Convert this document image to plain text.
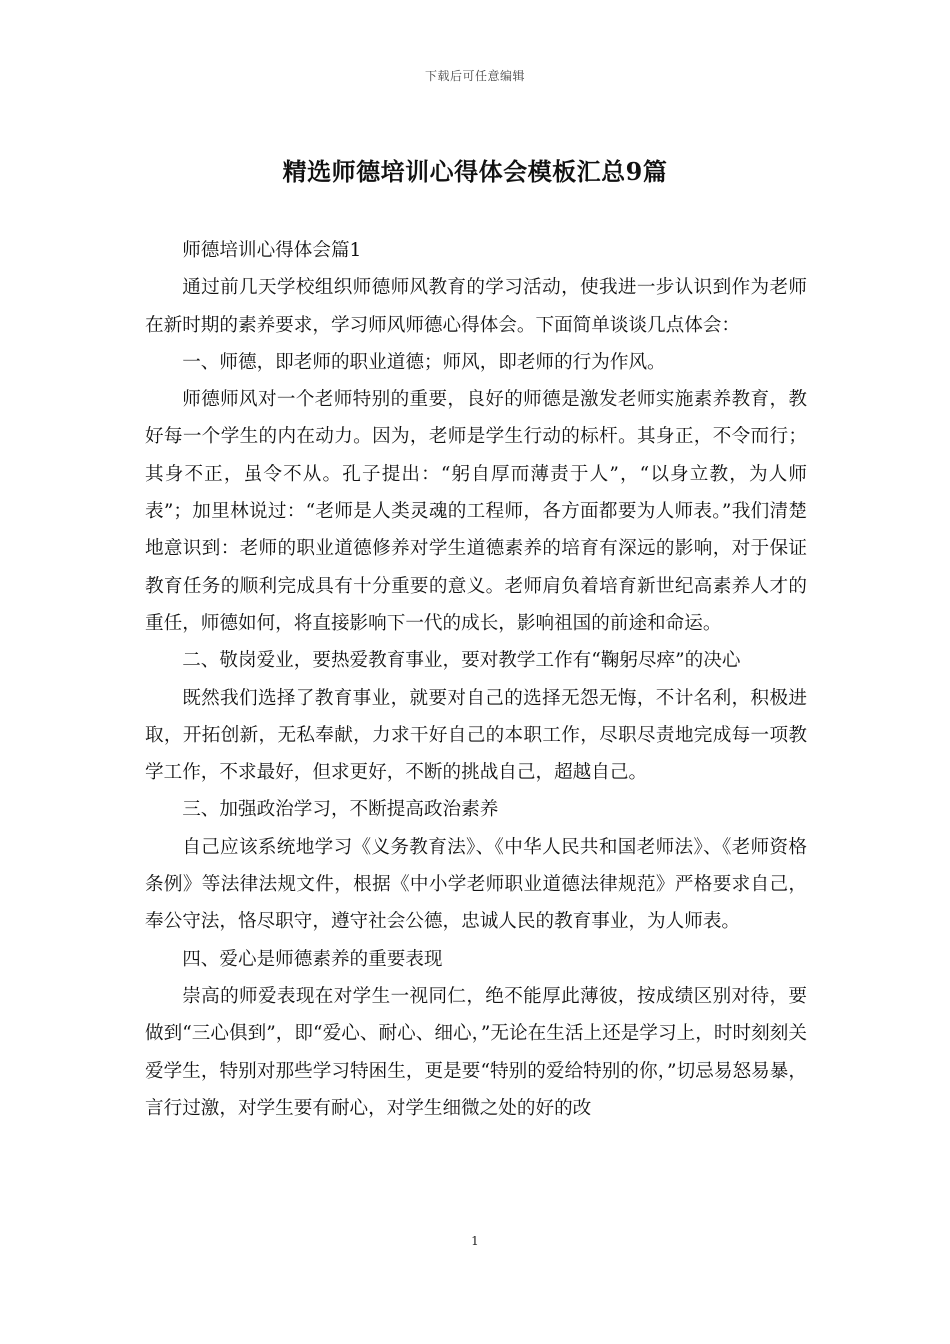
下载后可任意编辑
精选师德培训心得体会模板汇总9篇

师德培训心得体会篇1

通过前几天学校组织师德师风教育的学习活动，使我进一步认识到作为老师在新时期的素养要求，学习师风师德心得体会。下面简单谈谈几点体会：

一、师德，即老师的职业道德；师风，即老师的行为作风。

师德师风对一个老师特别的重要，良好的师德是激发老师实施素养教育，教好每一个学生的内在动力。因为，老师是学生行动的标杆。其身正，不令而行；其身不正，虽令不从。孔子提出：“躬自厚而薄责于人”，“以身立教，为人师表”；加里林说过：“老师是人类灵魂的工程师，各方面都要为人师表。”我们清楚地意识到：老师的职业道德修养对学生道德素养的培育有深远的影响，对于保证教育任务的顺利完成具有十分重要的意义。老师肩负着培育新世纪高素养人才的重任，师德如何，将直接影响下一代的成长，影响祖国的前途和命运。

二、敬岗爱业，要热爱教育事业，要对教学工作有“鞠躬尽瘁”的决心

既然我们选择了教育事业，就要对自己的选择无怨无悔，不计名利，积极进取，开拓创新，无私奉献，力求干好自己的本职工作，尽职尽责地完成每一项教学工作，不求最好，但求更好，不断的挑战自己，超越自己。

三、加强政治学习，不断提高政治素养

自己应该系统地学习《义务教育法》、《中华人民共和国老师法》、《老师资格条例》等法律法规文件，根据《中小学老师职业道德法律规范》严格要求自己，奉公守法，恪尽职守，遵守社会公德，忠诚人民的教育事业，为人师表。

四、爱心是师德素养的重要表现

崇高的师爱表现在对学生一视同仁，绝不能厚此薄彼，按成绩区别对待，要做到“三心俱到”，即“爱心、耐心、细心，”无论在生活上还是学习上，时时刻刻关爱学生，特别对那些学习特困生，更是要“特别的爱给特别的你，”切忌易怒易暴，言行过激，对学生要有耐心，对学生细微之处的好的改

1
